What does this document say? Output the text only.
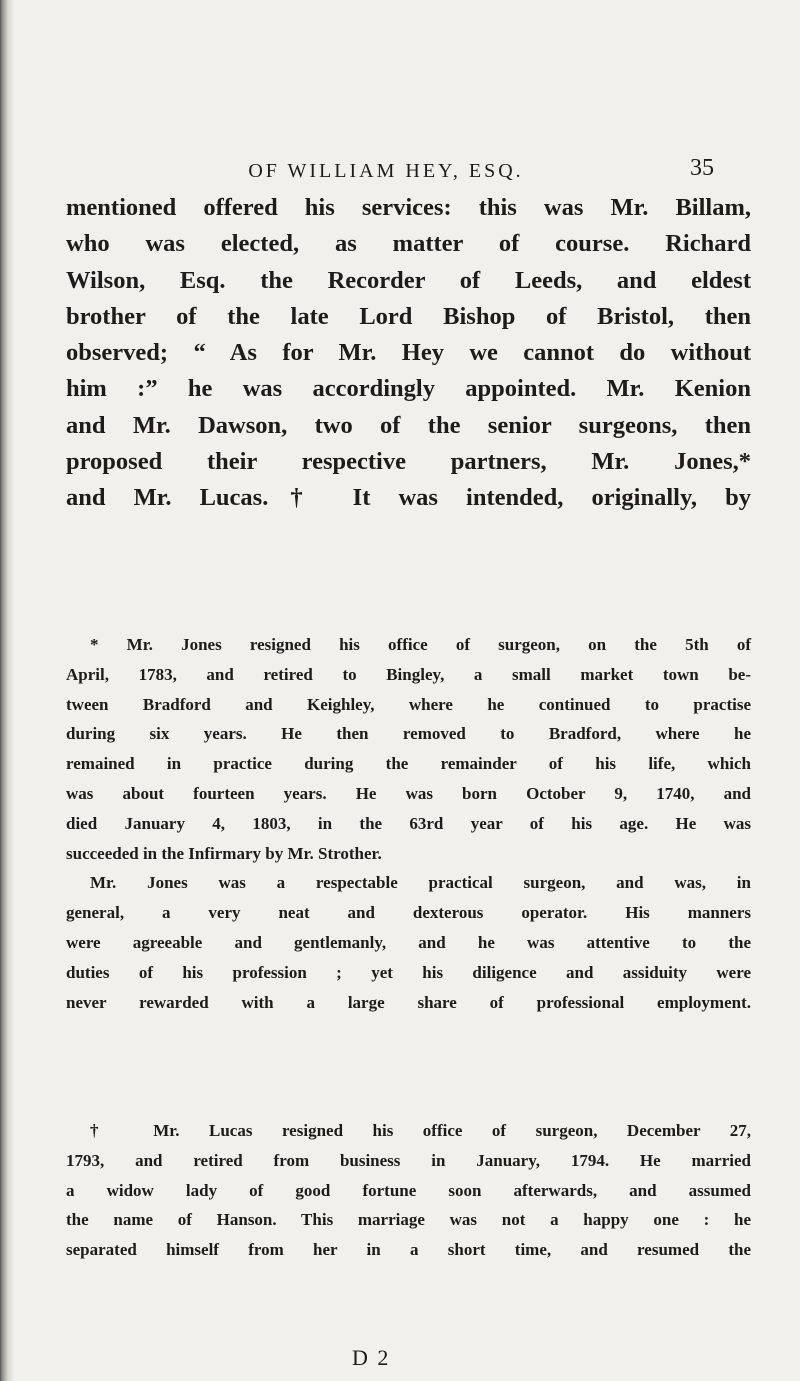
OF WILLIAM HEY, ESQ.	35
mentioned offered his services: this was Mr. Billam,
who was elected, as matter of course. Richard
Wilson, Esq. the Recorder of Leeds, and eldest
brother of the late Lord Bishop of Bristol, then
observed; “ As for Mr. Hey we cannot do without
him :” he was accordingly appointed. Mr. Kenion
and Mr. Dawson, two of the senior surgeons, then
proposed their respective partners, Mr. Jones,*
and Mr. Lucas.† It was intended, originally, by
* Mr. Jones resigned his office of surgeon, on the 5th of
April, 1783, and retired to Bingley, a small market town be-
tween Bradford and Keighley, where he continued to practise
during six years. He then removed to Bradford, where he
remained in practice during the remainder of his life, which
was about fourteen years. He was born October 9, 1740, and
died January 4, 1803, in the 63rd year of his age. He was
succeeded in the Infirmary by Mr. Strother.
Mr. Jones was a respectable practical surgeon, and was, in
general, a very neat and dexterous operator. His manners
were agreeable and gentlemanly, and he was attentive to the
duties of his profession ; yet his diligence and assiduity were
never rewarded with a large share of professional employment.
† Mr. Lucas resigned his office of surgeon, December 27,
1793, and retired from business in January, 1794. He married
a widow lady of good fortune soon afterwards, and assumed
the name of Hanson. This marriage was not a happy one : he
separated himself from her in a short time, and resumed the
D 2
